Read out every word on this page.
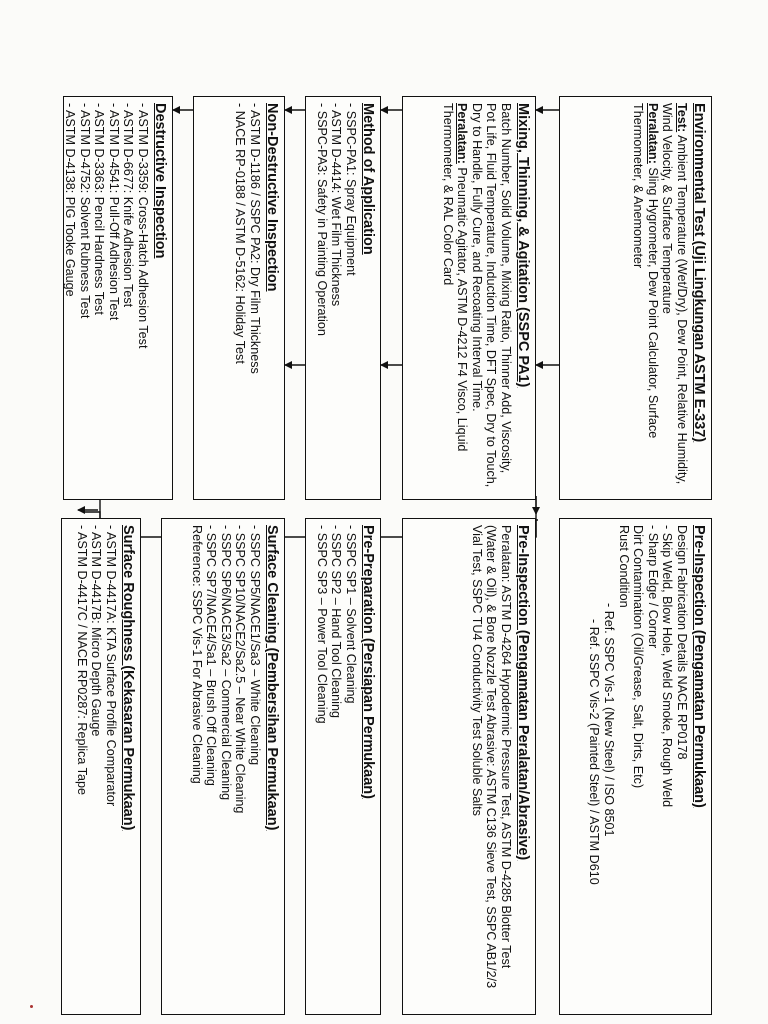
Pre-Inspection (Pengamatan Permukaan)
Design Fabrication Details NACE RP0178
- Skip Weld, Blow Hole, Weld Smoke, Rough Weld
- Sharp Edge / Corner
Dirt Contamination (Oil/Grease, Salt, Dirts, Etc)
Rust Condition
- Ref. SSPC Vis-1 (New Steel) / ISO 8501
- Ref. SSPC Vis-2 (Painted Steel) / ASTM D610
Pre-Inspection (Pengamatan Peralatan/Abrasive)
Peralatan: ASTM D-4264 Hypodermic Pressure Test, ASTM D-4285 Blotter Test (Water & Oil), & Bore Nozzle Test Abrasive: ASTM C136 Sieve Test, SSPC AB1/2/3 Vial Test, SSPC TU4 Conductivity Test Soluble Salts
Pre-Preparation (Persiapan Permukaan)
- SSPC SP1 – Solvent Cleaning
- SSPC SP2 – Hand Tool Cleaning
- SSPC SP3 – Power Tool Cleaning
Surface Cleaning (Pembersihan Permukaan)
- SSPC SP5/NACE1/Sa3 – White Cleaning
- SSPC SP10/NACE2/Sa2.5 – Near White Cleaning
- SSPC SP6/NACE3/Sa2 – Commercial Cleaning
- SSPC SP7/NACE4/Sa1 – Brush Off Cleaning
Reference: SSPC Vis-1 For Abrasive Cleaning
Surface Roughness (Kekasaran Permukaan)
- ASTM D-4417A: KTA Surface Profile Comparator
- ASTM D-4417B: Micro Depth Gauge
- ASTM D-4417C / NACE RP0287: Replica Tape
Environmental Test (Uji Lingkungan ASTM E-337)
Test: Ambient Temperature (Wet/Dry), Dew Point, Relative Humidity, Wind Velocity, & Surface Temperature
Peralatan: Sling Hygrometer, Dew Point Calculator, Surface Thermometer, & Anemometer
Mixing, Thinning, & Agitation (SSPC PA1)
Batch Number, Solid Volume, Mixing Ratio, Thinner Add, Viscosity, Pot Life, Fluid Temperature, Induction Time, DFT Spec, Dry to Touch, Dry to Handle, Fully Cure, and Recoating Interval Time.
Peralatan: Pneumatic Agitator, ASTM D-4212 F4 Visco, Liquid Thermometer, & RAL Color Card
Method of Application
- SSPC-PA1: Spray Equipment
- ASTM D-4414: Wet Film Thickness
- SSPC-PA3: Safety in Painting Operation
Non-Destructive Inspection
- ASTM D-1186 / SSPC PA2: Dry Film Thickness
- NACE RP-0188 / ASTM D-5162: Holiday Test
Destructive Inspection
- ASTM D-3359: Cross-Hatch Adhesion Test
- ASTM D-6677: Knife Adhesion Test
- ASTM D-4541: Pull-Off Adhesion Test
- ASTM D-3363: Pencil Hardness Test
- ASTM D-4752: Solvent Rubness Test
- ASTM D-4138: PIG Tooke Gauge
